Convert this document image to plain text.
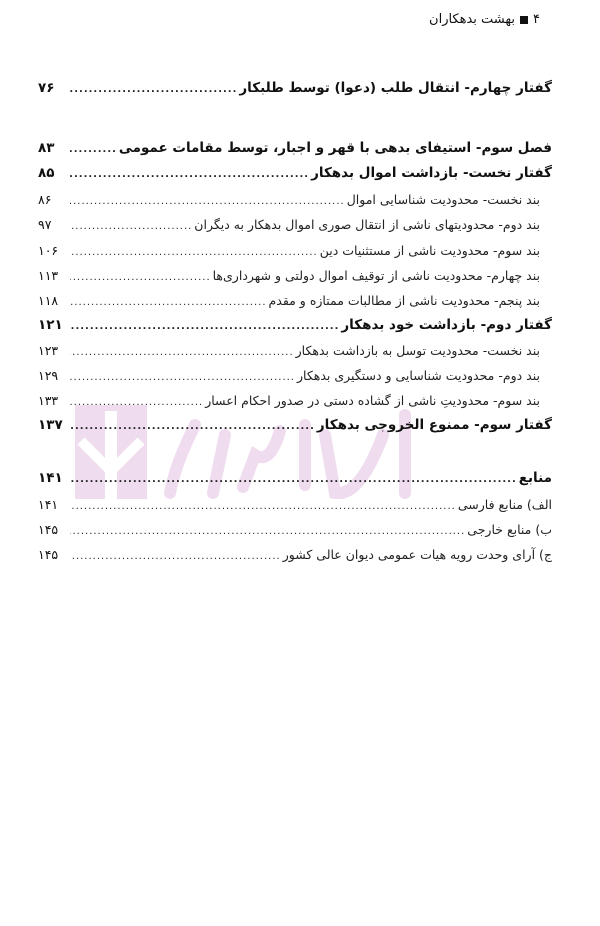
۴
بهشت بدهکاران
گفتار چهارم- انتقال طلب (دعوا) توسط طلبکار
.....
۷۶
فصل سوم- استیفای بدهی با قهر و اجبار، توسط مقامات عمومی
.....
۸۳
گفتار نخست- بازداشت اموال بدهکار
.....
۸۵
بند نخست- محدودیت شناسایی اموال
.....
۸۶
بند دوم- محدودیتهای ناشی از انتقال صوری اموال بدهکار به دیگران
.....
۹۷
بند سوم- محدودیت ناشی از مستثنیات دین
.....
۱۰۶
بند چهارم- محدودیت ناشی از توقیف اموال دولتی و شهرداری‌ها
.....
۱۱۳
بند پنجم- محدودیت ناشی از مطالبات ممتازه و مقدم
.....
۱۱۸
گفتار دوم- بازداشت خود بدهکار
.....
۱۲۱
بند نخست- محدودیت توسل به بازداشت بدهکار
.....
۱۲۳
بند دوم- محدودیت شناسایی و دستگیری بدهکار
.....
۱۲۹
بند سوم- محدودیتِ ناشی از گشاده دستی در صدور احکام اعسار
.....
۱۳۳
گفتار سوم- ممنوع الخروجی بدهکار
.....
۱۳۷
منابع
.....
۱۴۱
الف) منابع فارسی
.....
۱۴۱
ب) منابع خارجی
.....
۱۴۵
ج) آرای وحدت رویه هیات عمومی دیوان عالی کشور
.....
۱۴۵
